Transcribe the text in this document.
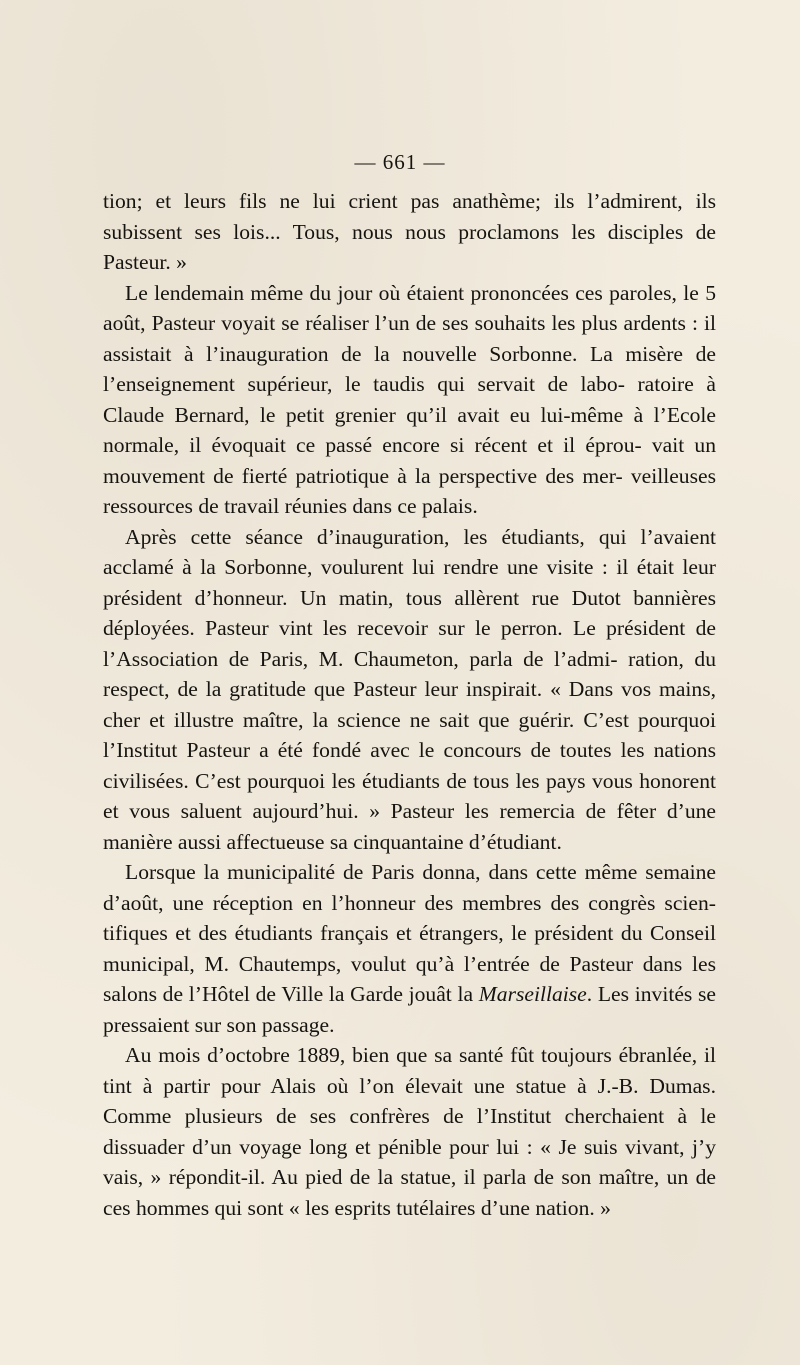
— 661 —

tion; et leurs fils ne lui crient pas anathème; ils l’admirent, ils subissent ses lois... Tous, nous nous proclamons les disciples de Pasteur. »

Le lendemain même du jour où étaient prononcées ces paroles, le 5 août, Pasteur voyait se réaliser l’un de ses souhaits les plus ardents : il assistait à l’inauguration de la nouvelle Sorbonne. La misère de l’enseignement supérieur, le taudis qui servait de labo- ratoire à Claude Bernard, le petit grenier qu’il avait eu lui-même à l’Ecole normale, il évoquait ce passé encore si récent et il éprou- vait un mouvement de fierté patriotique à la perspective des mer- veilleuses ressources de travail réunies dans ce palais.

Après cette séance d’inauguration, les étudiants, qui l’avaient acclamé à la Sorbonne, voulurent lui rendre une visite : il était leur président d’honneur. Un matin, tous allèrent rue Dutot bannières déployées. Pasteur vint les recevoir sur le perron. Le président de l’Association de Paris, M. Chaumeton, parla de l’admi- ration, du respect, de la gratitude que Pasteur leur inspirait. « Dans vos mains, cher et illustre maître, la science ne sait que guérir. C’est pourquoi l’Institut Pasteur a été fondé avec le concours de toutes les nations civilisées. C’est pourquoi les étudiants de tous les pays vous honorent et vous saluent aujourd’hui. » Pasteur les remercia de fêter d’une manière aussi affectueuse sa cinquantaine d’étudiant.

Lorsque la municipalité de Paris donna, dans cette même semaine d’août, une réception en l’honneur des membres des congrès scien- tifiques et des étudiants français et étrangers, le président du Conseil municipal, M. Chautemps, voulut qu’à l’entrée de Pasteur dans les salons de l’Hôtel de Ville la Garde jouât la Marseillaise. Les invités se pressaient sur son passage.

Au mois d’octobre 1889, bien que sa santé fût toujours ébranlée, il tint à partir pour Alais où l’on élevait une statue à J.-B. Dumas. Comme plusieurs de ses confrères de l’Institut cherchaient à le dissuader d’un voyage long et pénible pour lui : « Je suis vivant, j’y vais, » répondit-il. Au pied de la statue, il parla de son maître, un de ces hommes qui sont « les esprits tutélaires d’une nation. »
